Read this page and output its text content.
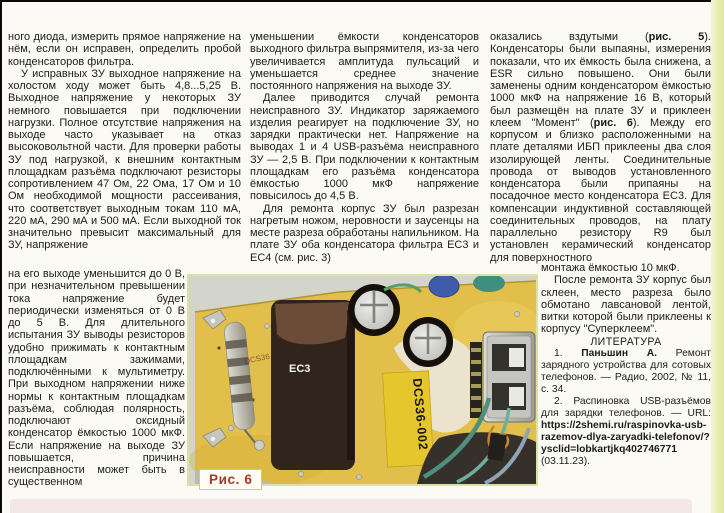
ного диода, измерить прямое напряжение на нём, если он исправен, определить пробой конденсаторов фильтра.

У исправных ЗУ выходное напряжение на холостом ходу может быть 4,8...5,25 В. Выходное напряжение у некоторых ЗУ немного повышается при подключении нагрузки. Полное отсутствие напряжения на выходе часто указывает на отказ высоковольтной части. Для проверки работы ЗУ под нагрузкой, к внешним контактным площадкам разъёма подключают резисторы сопротивлением 47 Ом, 22 Ома, 17 Ом и 10 Ом необходимой мощности рассеивания, что соответствует выходным токам 110 мА, 220 мА, 290 мА и 500 мА. Если выходной ток значительно превысит максимальный для ЗУ, напряжение

на его выходе уменьшится до 0 В, при незначительном превышении тока напряжение будет периодически изменяться от 0 В до 5 В. Для длительного испытания ЗУ выводы резисторов удобно прижимать к контактным площадкам зажимами, подключёнными к мультиметру. При выходном напряжении ниже нормы к контактным площадкам разъёма, соблюдая полярность, подключают оксидный конденсатор ёмкостью 1000 мкФ. Если напряжение на выходе ЗУ повышается, причина неисправности может быть в существенном

уменьшении ёмкости конденсаторов выходного фильтра выпрямителя, из-за чего увеличивается амплитуда пульсаций и уменьшается среднее значение постоянного напряжения на выходе ЗУ.

Далее приводится случай ремонта неисправного ЗУ. Индикатор заряжаемого изделия реагирует на подключение ЗУ, но зарядки практически нет. Напряжение на выводах 1 и 4 USB-разъёма неисправного ЗУ — 2,5 В. При подключении к контактным площадкам его разъёма конденсатора ёмкостью 1000 мкФ напряжение повысилось до 4,5 В.

Для ремонта корпус ЗУ был разрезан нагретым ножом, неровности и заусенцы на месте разреза обработаны напильником. На плате ЗУ оба конденсатора фильтра ЕС3 и ЕС4 (см. рис. 3)

оказались вздутыми (рис. 5). Конденсаторы были выпаяны, измерения показали, что их ёмкость была снижена, а ESR сильно повышено. Они были заменены одним конденсатором ёмкостью 1000 мкФ на напряжение 16 В, который был размещён на плате ЗУ и приклеен клеем "Момент" (рис. 6). Между его корпусом и близко расположенными на плате деталями ИБП приклеены два слоя изолирующей ленты. Соединительные провода от выводов установленного конденсатора были припаяны на посадочное место конденсатора ЕС3. Для компенсации индуктивной составляющей соединительных проводов, на плату параллельно резистору R9 был установлен керамический конденсатор для поверхностного

монтажа ёмкостью 10 мкФ.

После ремонта ЗУ корпус был склеен, место разреза было обмотано лавсановой лентой, витки которой были приклеены к корпусу "Суперклеем".

ЛИТЕРАТУРА

1. Паньшин А. Ремонт зарядного устройства для сотовых телефонов. — Радио, 2002, № 11, с. 34.

2. Распиновка USB-разъёмов для зарядки телефонов. — URL: https://2shemi.ru/raspinovka-usb-razemov-dlya-zaryadki-telefonov/?ysclid=lobkartjkq402746771 (03.11.23).

DCS36
ЕС3
DCS36-002
Рис. 6
